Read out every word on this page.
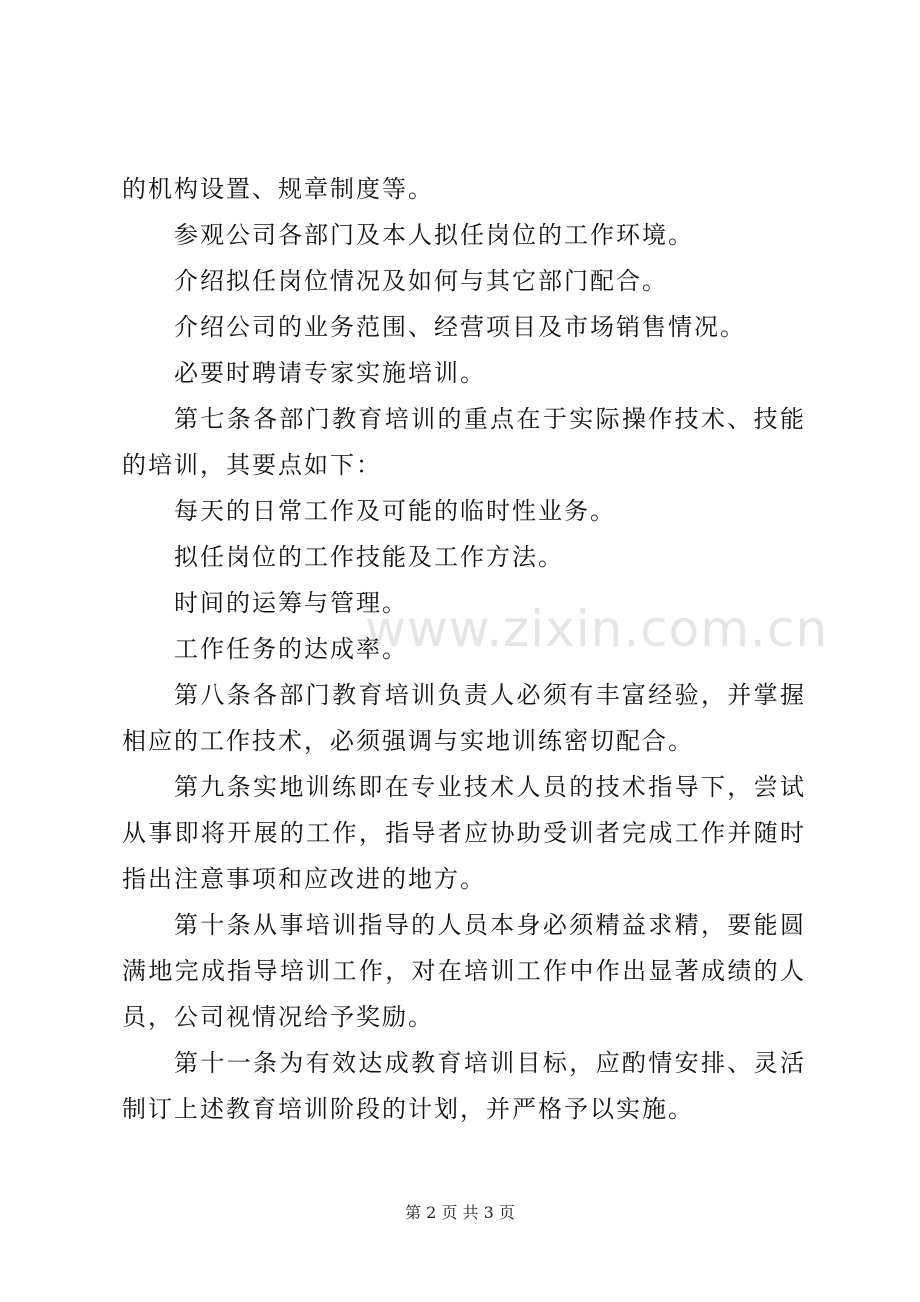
的机构设置、规章制度等。

参观公司各部门及本人拟任岗位的工作环境。

介绍拟任岗位情况及如何与其它部门配合。

介绍公司的业务范围、经营项目及市场销售情况。

必要时聘请专家实施培训。

第七条各部门教育培训的重点在于实际操作技术、技能的培训，其要点如下：

每天的日常工作及可能的临时性业务。

拟任岗位的工作技能及工作方法。

时间的运筹与管理。

工作任务的达成率。

第八条各部门教育培训负责人必须有丰富经验，并掌握相应的工作技术，必须强调与实地训练密切配合。

第九条实地训练即在专业技术人员的技术指导下，尝试从事即将开展的工作，指导者应协助受训者完成工作并随时指出注意事项和应改进的地方。

第十条从事培训指导的人员本身必须精益求精，要能圆满地完成指导培训工作，对在培训工作中作出显著成绩的人员，公司视情况给予奖励。

第十一条为有效达成教育培训目标，应酌情安排、灵活制订上述教育培训阶段的计划，并严格予以实施。

www.zixin.com.cn
第 2 页 共 3 页
